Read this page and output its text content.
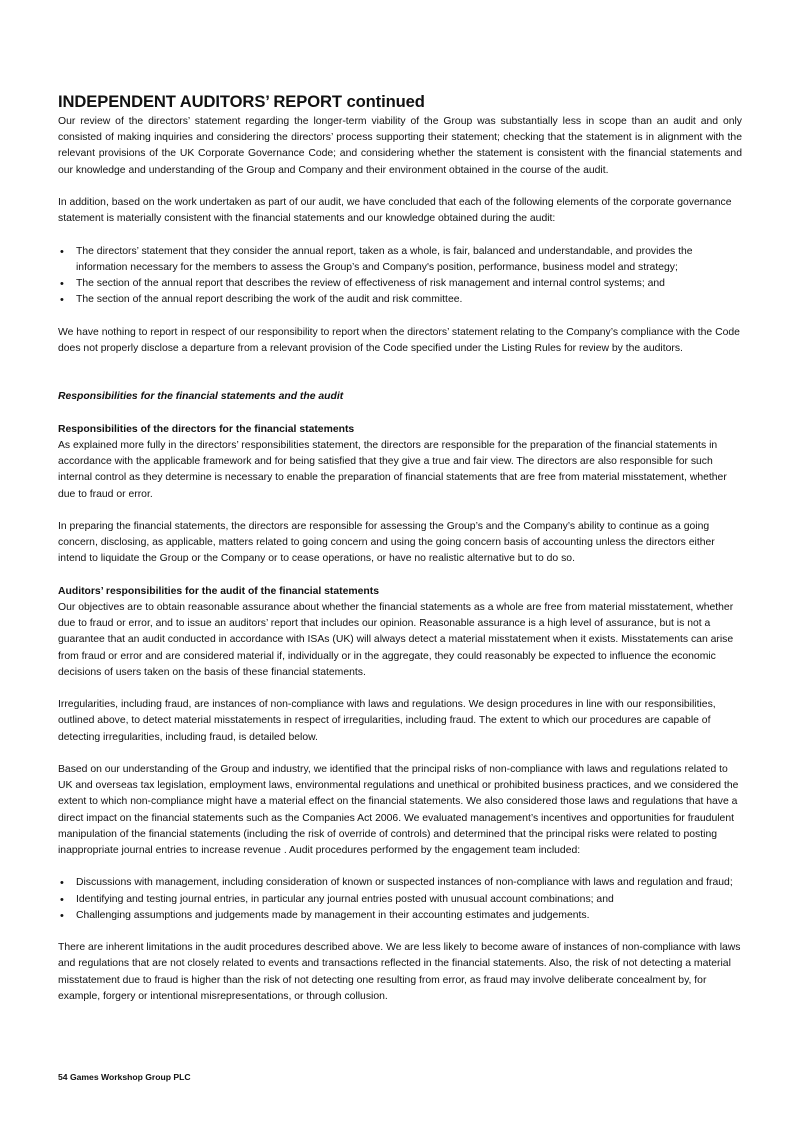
INDEPENDENT AUDITORS’ REPORT continued

Our review of the directors’ statement regarding the longer-term viability of the Group was substantially less in scope than an audit and only consisted of making inquiries and considering the directors’ process supporting their statement; checking that the statement is in alignment with the relevant provisions of the UK Corporate Governance Code; and considering whether the statement is consistent with the financial statements and our knowledge and understanding of the Group and Company and their environment obtained in the course of the audit.

In addition, based on the work undertaken as part of our audit, we have concluded that each of the following elements of the corporate governance statement is materially consistent with the financial statements and our knowledge obtained during the audit:

• The directors’ statement that they consider the annual report, taken as a whole, is fair, balanced and understandable, and provides the information necessary for the members to assess the Group’s and Company's position, performance, business model and strategy;
• The section of the annual report that describes the review of effectiveness of risk management and internal control systems; and
• The section of the annual report describing the work of the audit and risk committee.

We have nothing to report in respect of our responsibility to report when the directors’ statement relating to the Company’s compliance with the Code does not properly disclose a departure from a relevant provision of the Code specified under the Listing Rules for review by the auditors.

Responsibilities for the financial statements and the audit

Responsibilities of the directors for the financial statements

As explained more fully in the directors’ responsibilities statement, the directors are responsible for the preparation of the financial statements in accordance with the applicable framework and for being satisfied that they give a true and fair view. The directors are also responsible for such internal control as they determine is necessary to enable the preparation of financial statements that are free from material misstatement, whether due to fraud or error.

In preparing the financial statements, the directors are responsible for assessing the Group’s and the Company’s ability to continue as a going concern, disclosing, as applicable, matters related to going concern and using the going concern basis of accounting unless the directors either intend to liquidate the Group or the Company or to cease operations, or have no realistic alternative but to do so.

Auditors’ responsibilities for the audit of the financial statements

Our objectives are to obtain reasonable assurance about whether the financial statements as a whole are free from material misstatement, whether due to fraud or error, and to issue an auditors’ report that includes our opinion. Reasonable assurance is a high level of assurance, but is not a guarantee that an audit conducted in accordance with ISAs (UK) will always detect a material misstatement when it exists. Misstatements can arise from fraud or error and are considered material if, individually or in the aggregate, they could reasonably be expected to influence the economic decisions of users taken on the basis of these financial statements.

Irregularities, including fraud, are instances of non-compliance with laws and regulations. We design procedures in line with our responsibilities, outlined above, to detect material misstatements in respect of irregularities, including fraud. The extent to which our procedures are capable of detecting irregularities, including fraud, is detailed below.

Based on our understanding of the Group and industry, we identified that the principal risks of non-compliance with laws and regulations related to UK and overseas tax legislation, employment laws, environmental regulations and unethical or prohibited business practices, and we considered the extent to which non-compliance might have a material effect on the financial statements. We also considered those laws and regulations that have a direct impact on the financial statements such as the Companies Act 2006. We evaluated management’s incentives and opportunities for fraudulent manipulation of the financial statements (including the risk of override of controls) and determined that the principal risks were related to posting inappropriate journal entries to increase revenue . Audit procedures performed by the engagement team included:

• Discussions with management, including consideration of known or suspected instances of non-compliance with laws and regulation and fraud;
• Identifying and testing journal entries, in particular any journal entries posted with unusual account combinations; and
• Challenging assumptions and judgements made by management in their accounting estimates and judgements.

There are inherent limitations in the audit procedures described above. We are less likely to become aware of instances of non-compliance with laws and regulations that are not closely related to events and transactions reflected in the financial statements. Also, the risk of not detecting a material misstatement due to fraud is higher than the risk of not detecting one resulting from error, as fraud may involve deliberate concealment by, for example, forgery or intentional misrepresentations, or through collusion.

54 Games Workshop Group PLC
